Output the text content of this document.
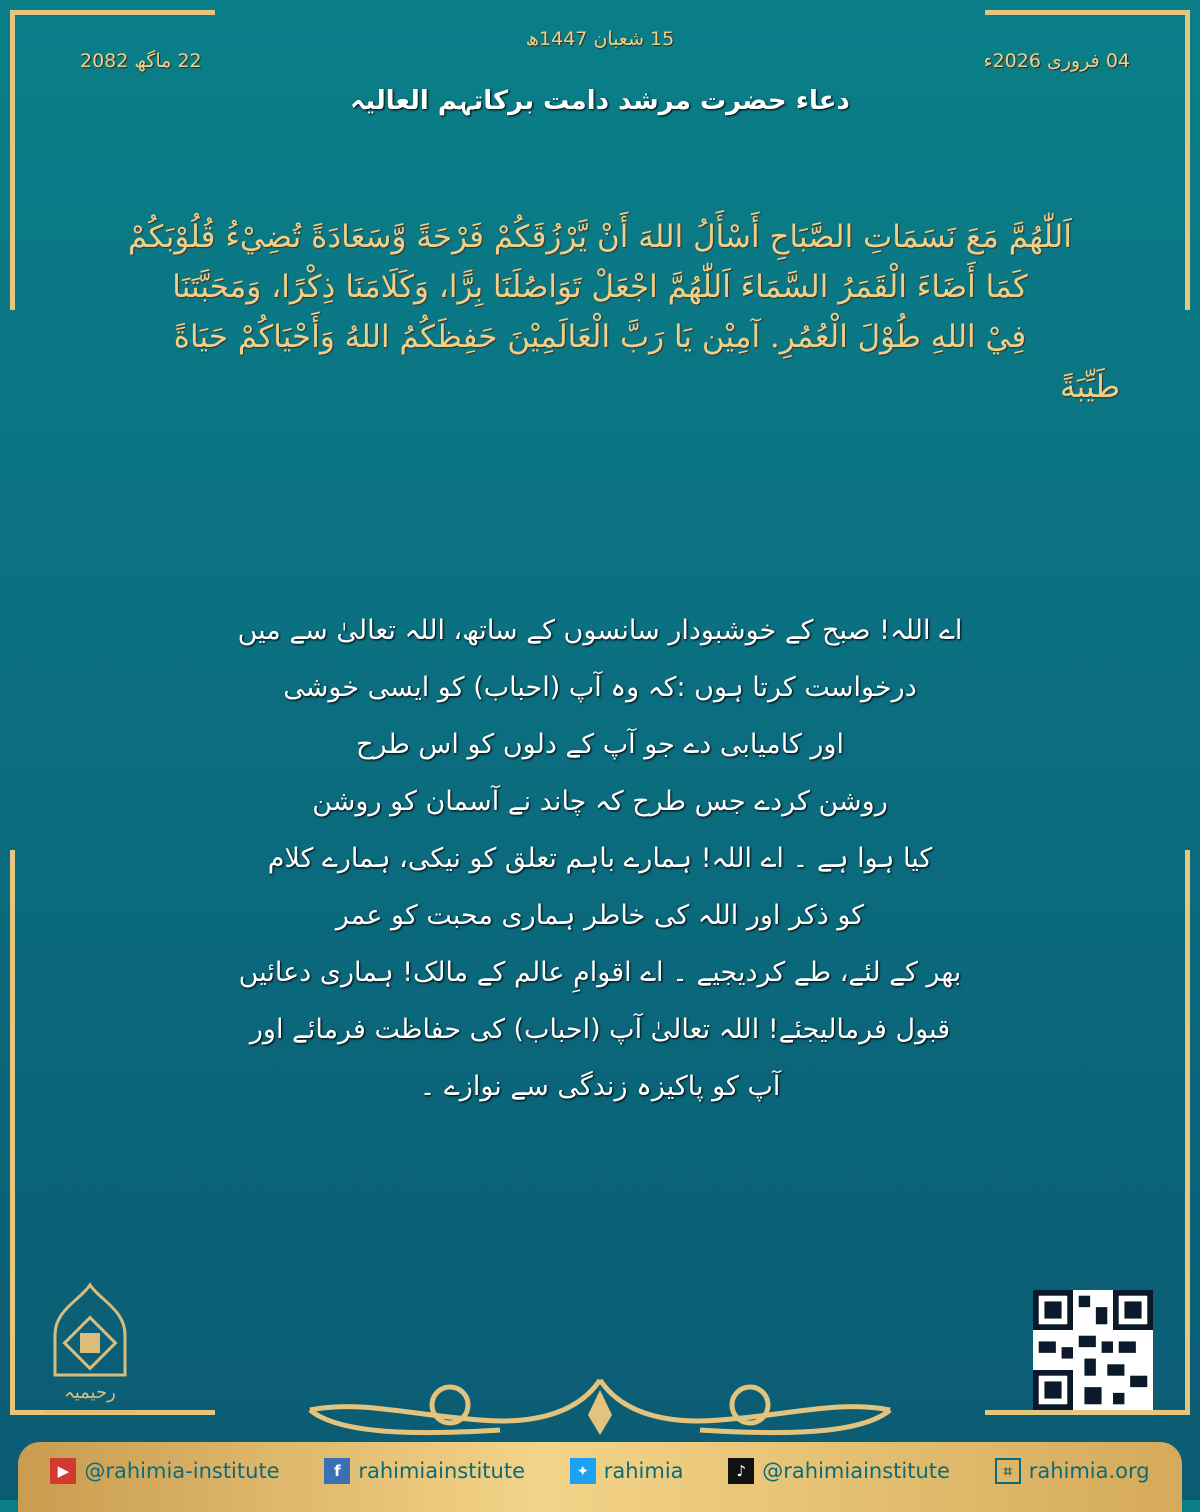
15 شعبان 1447ھ
04 فروری 2026ء
22 ماگھ 2082
دعاء حضرت مرشد دامت برکاتہم العالیہ
اَللّٰهُمَّ مَعَ نَسَمَاتِ الصَّبَاحِ أَسْأَلُ اللهَ أَنْ يَّرْزُقَكُمْ فَرْحَةً وَّسَعَادَةً تُضِيْءُ قُلُوْبَكُمْ
كَمَا أَضَاءَ الْقَمَرُ السَّمَاءَ اَللّٰهُمَّ اجْعَلْ تَوَاصُلَنَا بِرًّا، وَكَلَامَنَا ذِكْرًا، وَمَحَبَّتَنَا
فِيْ اللهِ طُوْلَ الْعُمُرِ. آمِيْن يَا رَبَّ الْعَالَمِيْنَ حَفِظَكُمُ اللهُ وَأَحْيَاكُمْ حَيَاةً
طَيِّبَةً
اے اللہ! صبح کے خوشبودار سانسوں کے ساتھ، اللہ تعالیٰ سے میں
درخواست کرتا ہوں :کہ وہ آپ (احباب) کو ایسی خوشی
اور کامیابی دے جو آپ کے دلوں کو اس طرح
روشن کردے جس طرح کہ چاند نے آسمان کو روشن
کیا ہوا ہے ۔ اے اللہ! ہمارے باہم تعلق کو نیکی، ہمارے کلام
کو ذکر اور اللہ کی خاطر ہماری محبت کو عمر
بھر کے لئے، طے کردیجیے ۔ اے اقوامِ عالم کے مالک! ہماری دعائیں
قبول فرمالیجئے! اللہ تعالیٰ آپ (احباب) کی حفاظت فرمائے اور
آپ کو پاکیزہ زندگی سے نوازے ۔
رحیمیہ
▶ @rahimia-institute	f rahimiainstitute	✦ rahimia	♪ @rahimiainstitute	⌗ rahimia.org
